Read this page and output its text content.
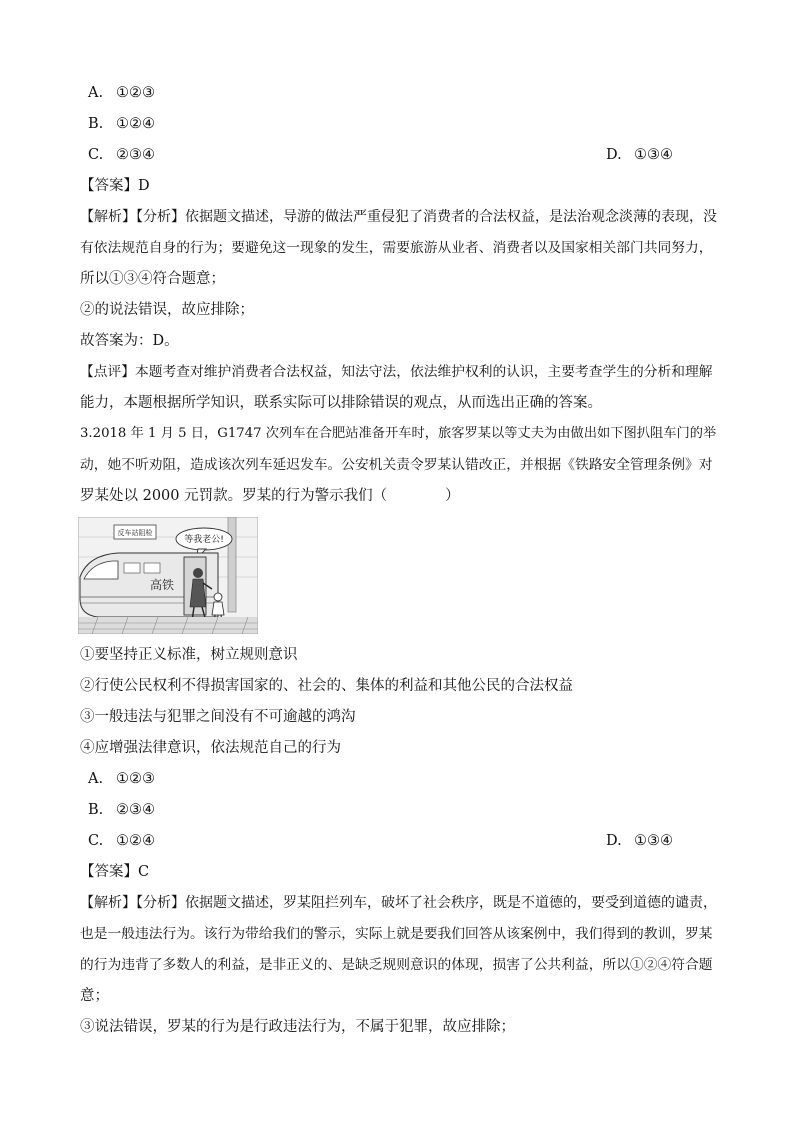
A. ①②③
B. ①②④
C. ②③④	D. ①③④
【答案】D
【解析】【分析】依据题文描述，导游的做法严重侵犯了消费者的合法权益，是法治观念淡薄的表现，没
有依法规范自身的行为；要避免这一现象的发生，需要旅游从业者、消费者以及国家相关部门共同努力，
所以①③④符合题意；
②的说法错误，故应排除；
故答案为：D。
【点评】本题考查对维护消费者合法权益，知法守法，依法维护权利的认识，主要考查学生的分析和理解
能力，本题根据所学知识，联系实际可以排除错误的观点，从而选出正确的答案。
3.2018 年 1 月 5 日，G1747 次列车在合肥站准备开车时，旅客罗某以等丈夫为由做出如下图扒阻车门的举
动，她不听劝阻，造成该次列车延迟发车。公安机关责令罗某认错改正，并根据《铁路安全管理条例》对
罗某处以 2000 元罚款。罗某的行为警示我们（　　　　）
反车站阻检
等我老公!
高铁
①要坚持正义标准，树立规则意识
②行使公民权利不得损害国家的、社会的、集体的利益和其他公民的合法权益
③一般违法与犯罪之间没有不可逾越的鸿沟
④应增强法律意识，依法规范自己的行为
A. ①②③
B. ②③④
C. ①②④	D. ①③④
【答案】C
【解析】【分析】依据题文描述，罗某阻拦列车，破坏了社会秩序，既是不道德的，要受到道德的谴责，
也是一般违法行为。该行为带给我们的警示，实际上就是要我们回答从该案例中，我们得到的教训，罗某
的行为违背了多数人的利益，是非正义的、是缺乏规则意识的体现，损害了公共利益，所以①②④符合题
意；
③说法错误，罗某的行为是行政违法行为，不属于犯罪，故应排除；
